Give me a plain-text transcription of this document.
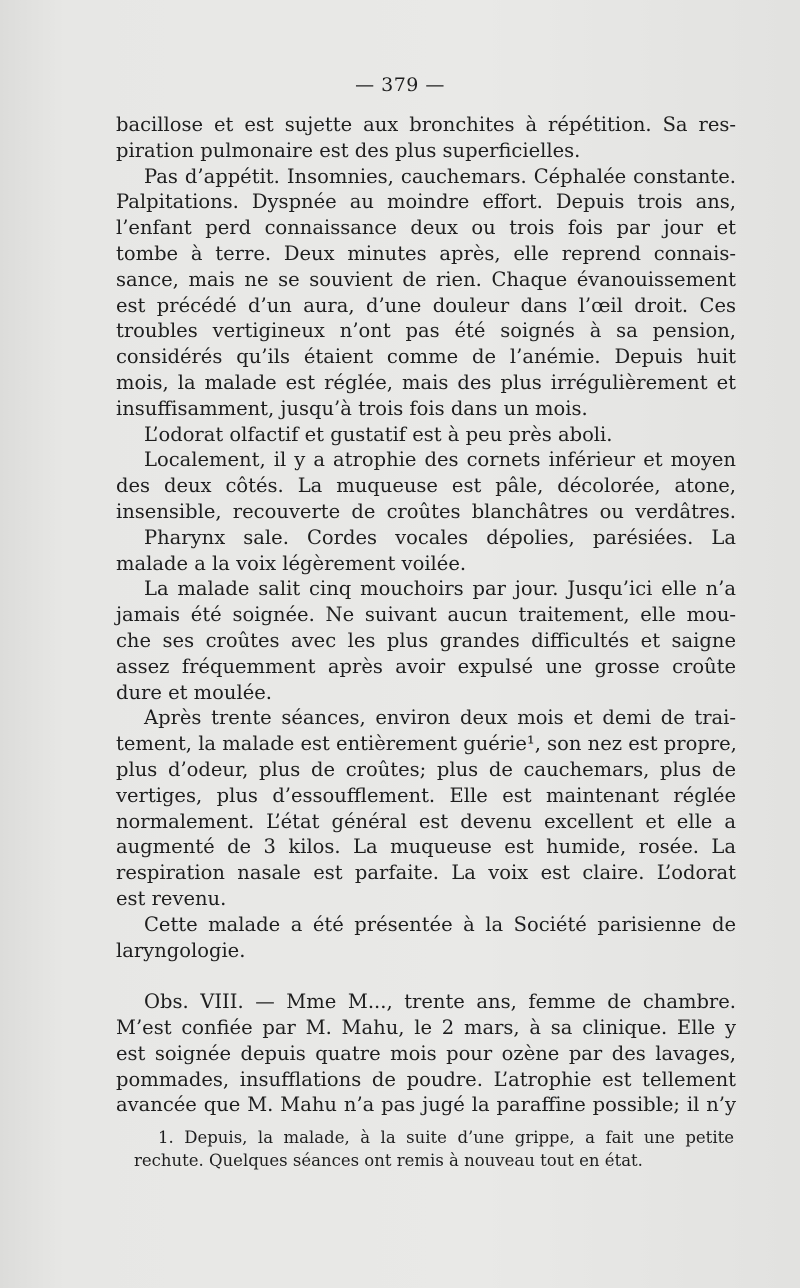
— 379 —
bacillose et est sujette aux bronchites à répétition. Sa res-
piration pulmonaire est des plus superficielles.
Pas d’appétit. Insomnies, cauchemars. Céphalée constante.
Palpitations. Dyspnée au moindre effort. Depuis trois ans,
l’enfant perd connaissance deux ou trois fois par jour et
tombe à terre. Deux minutes après, elle reprend connais-
sance, mais ne se souvient de rien. Chaque évanouissement
est précédé d’un aura, d’une douleur dans l’œil droit. Ces
troubles vertigineux n’ont pas été soignés à sa pension,
considérés qu’ils étaient comme de l’anémie. Depuis huit
mois, la malade est réglée, mais des plus irrégulièrement et
insuffisamment, jusqu’à trois fois dans un mois.
L’odorat olfactif et gustatif est à peu près aboli.
Localement, il y a atrophie des cornets inférieur et moyen
des deux côtés. La muqueuse est pâle, décolorée, atone,
insensible, recouverte de croûtes blanchâtres ou verdâtres.
Pharynx sale. Cordes vocales dépolies, parésiées. La
malade a la voix légèrement voilée.
La malade salit cinq mouchoirs par jour. Jusqu’ici elle n’a
jamais été soignée. Ne suivant aucun traitement, elle mou-
che ses croûtes avec les plus grandes difficultés et saigne
assez fréquemment après avoir expulsé une grosse croûte
dure et moulée.
Après trente séances, environ deux mois et demi de trai-
tement, la malade est entièrement guérie¹, son nez est propre,
plus d’odeur, plus de croûtes; plus de cauchemars, plus de
vertiges, plus d’essoufflement. Elle est maintenant réglée
normalement. L’état général est devenu excellent et elle a
augmenté de 3 kilos. La muqueuse est humide, rosée. La
respiration nasale est parfaite. La voix est claire. L’odorat
est revenu.
Cette malade a été présentée à la Société parisienne de
laryngologie.
Obs. VIII. — Mme M..., trente ans, femme de chambre.
M’est confiée par M. Mahu, le 2 mars, à sa clinique. Elle y
est soignée depuis quatre mois pour ozène par des lavages,
pommades, insufflations de poudre. L’atrophie est tellement
avancée que M. Mahu n’a pas jugé la paraffine possible; il n’y
1. Depuis, la malade, à la suite d’une grippe, a fait une petite
rechute. Quelques séances ont remis à nouveau tout en état.
